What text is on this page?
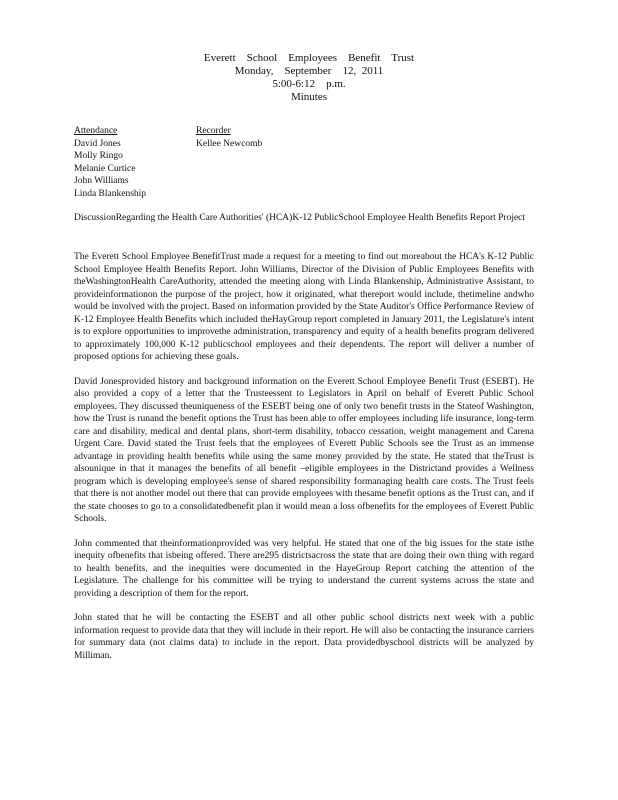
Everett    School    Employees    Benefit    Trust
Monday,    September    12,  2011
5:00-6:12    p.m.
Minutes
Attendance
David Jones
Molly Ringo
Melanie Curtice
John Williams
Linda Blankenship
Recorder
Kellee Newcomb
DiscussionRegarding the Health Care Authorities' (HCA)K-12 PublicSchool Employee Health Benefits Report Project

The Everett School Employee BenefitTrust made a request for a meeting to find out moreabout the HCA's K-12 Public School Employee Health Benefits Report. John Williams, Director of the Division of Public Employees Benefits with theWashingtonHealth CareAuthority, attended the meeting along with Linda Blankenship, Administrative Assistant, to provideinformationon the purpose of the project, how it originated, what thereport would include, thetimeline andwho would be involved with the project. Based on information provided by the State Auditor's Office Performance Review of K-12 Employee Health Benefits which included theHayGroup report completed in January 2011, the Legislature's intent is to explore opportunities to improvethe administration, transparency and equity of a health benefits program delivered to approximately 100,000 K-12 publicschool employees and their dependents. The report will deliver a number of proposed options for achieving these goals.

David Jonesprovided history and background information on the Everett School Employee Benefit Trust (ESEBT). He also provided a copy of a letter that the Trusteessent to Legislators in April on behalf of Everett Public School employees. They discussed theuniqueness of the ESEBT being one of only two benefit trusts in the Stateof Washington, how the Trust is runand the benefit options the Trust has been able to offer employees including life insurance, long-term care and disability, medical and dental plans, short-term disability, tobacco cessation, weight management and Carena Urgent Care. David stated the Trust feels that the employees of Everett Public Schools see the Trust as an immense advantage in providing health benefits while using the same money provided by the state. He stated that theTrust is alsounique in that it manages the benefits of all benefit –eligible employees in the Districtand provides a Wellness program which is developing employee's sense of shared responsibility formanaging health care costs. The Trust feels that there is not another model out there that can provide employees with thesame benefit options as the Trust can, and if the state chooses to go to a consolidatedbenefit plan it would mean a loss ofbenefits for the employees of Everett Public Schools.

John commented that theinformationprovided was very helpful. He stated that one of the big issues for the state isthe inequity ofbenefits that isbeing offered. There are295 districtsacross the state that are doing their own thing with regard to health benefits, and the inequities were documented in the HayeGroup Report catching the attention of the Legislature. The challenge for his committee will be trying to understand the current systems across the state and providing a description of them for the report.

John stated that he will be contacting the ESEBT and all other public school districts next week with a public information request to provide data that they will include in their report. He will also be contacting the insurance carriers for summary data (not claims data) to include in the report. Data providedbyschool districts will be analyzed by Milliman.
